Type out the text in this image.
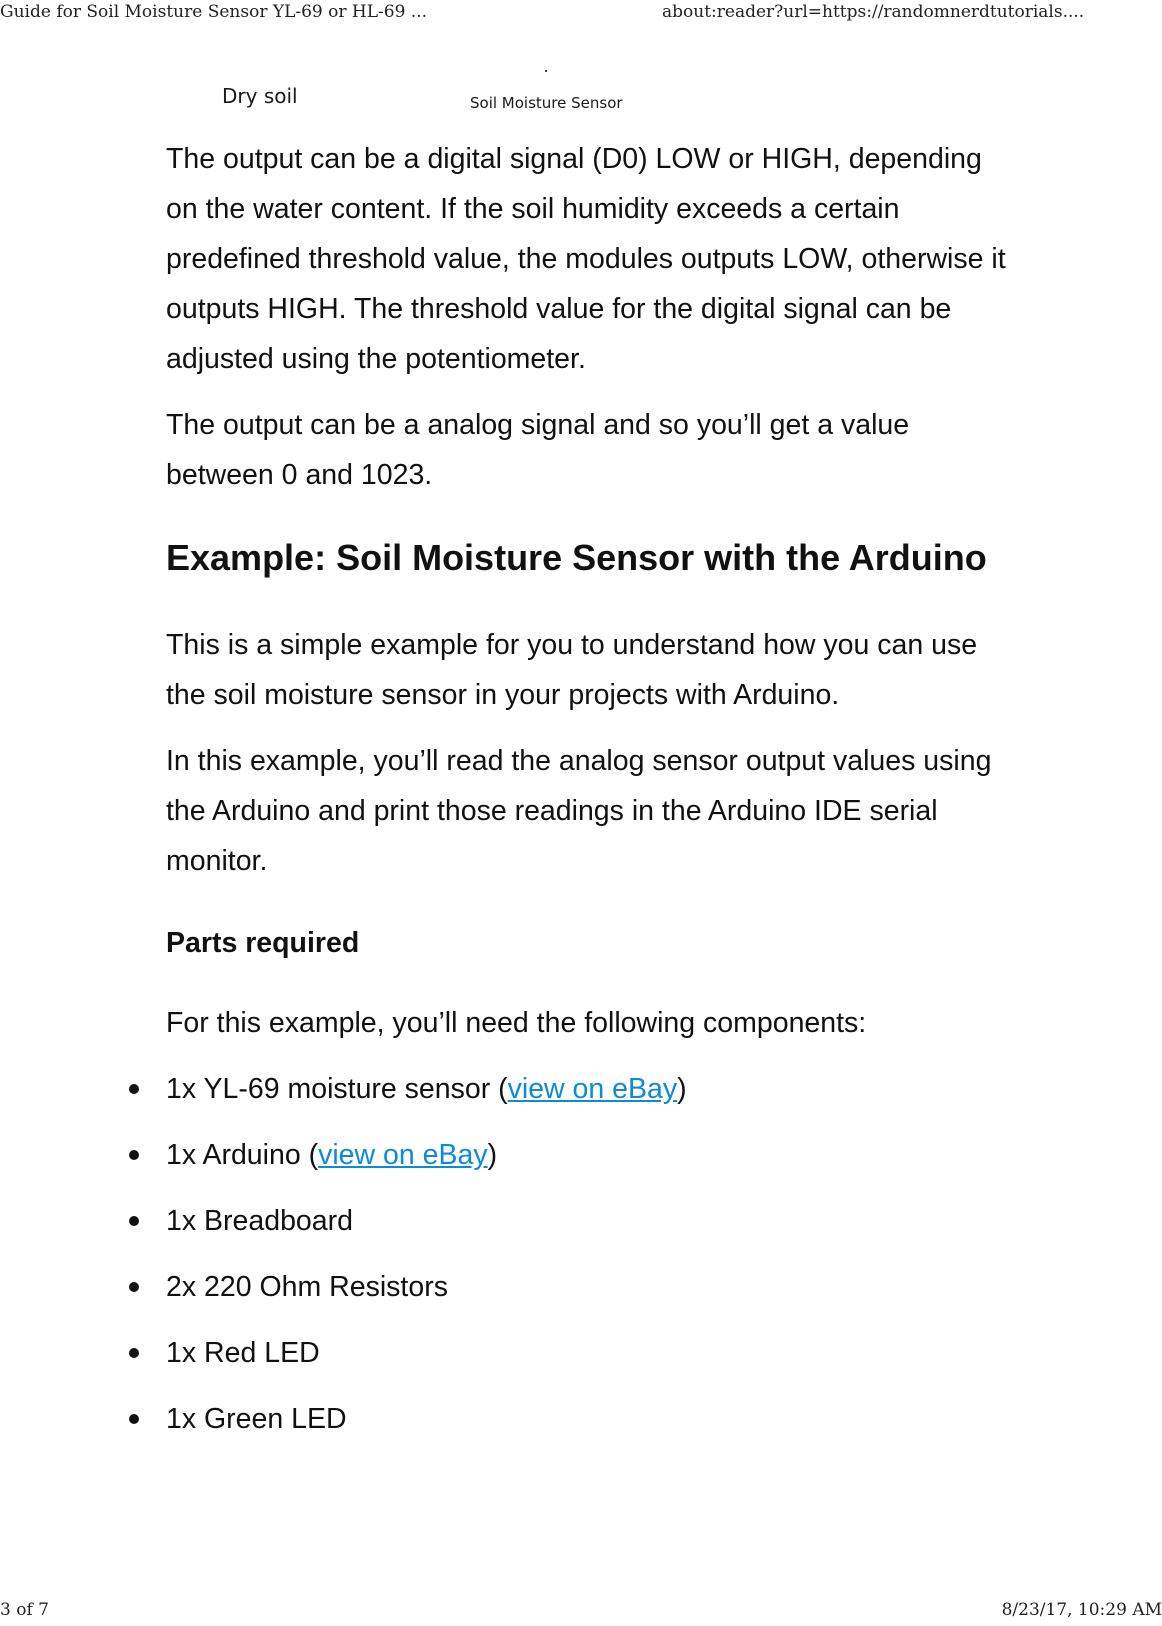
Guide for Soil Moisture Sensor YL-69 or HL-69 ...	about:reader?url=https://randomnerdtutorials....
Dry soil	Soil Moisture Sensor

The output can be a digital signal (D0) LOW or HIGH, depending on the water content. If the soil humidity exceeds a certain predefined threshold value, the modules outputs LOW, otherwise it outputs HIGH. The threshold value for the digital signal can be adjusted using the potentiometer.

The output can be a analog signal and so you’ll get a value between 0 and 1023.

Example: Soil Moisture Sensor with the Arduino

This is a simple example for you to understand how you can use the soil moisture sensor in your projects with Arduino.

In this example, you’ll read the analog sensor output values using the Arduino and print those readings in the Arduino IDE serial monitor.

Parts required

For this example, you’ll need the following components:

1x YL-69 moisture sensor (view on eBay)
1x Arduino (view on eBay)
1x Breadboard
2x 220 Ohm Resistors
1x Red LED
1x Green LED
3 of 7	8/23/17, 10:29 AM
